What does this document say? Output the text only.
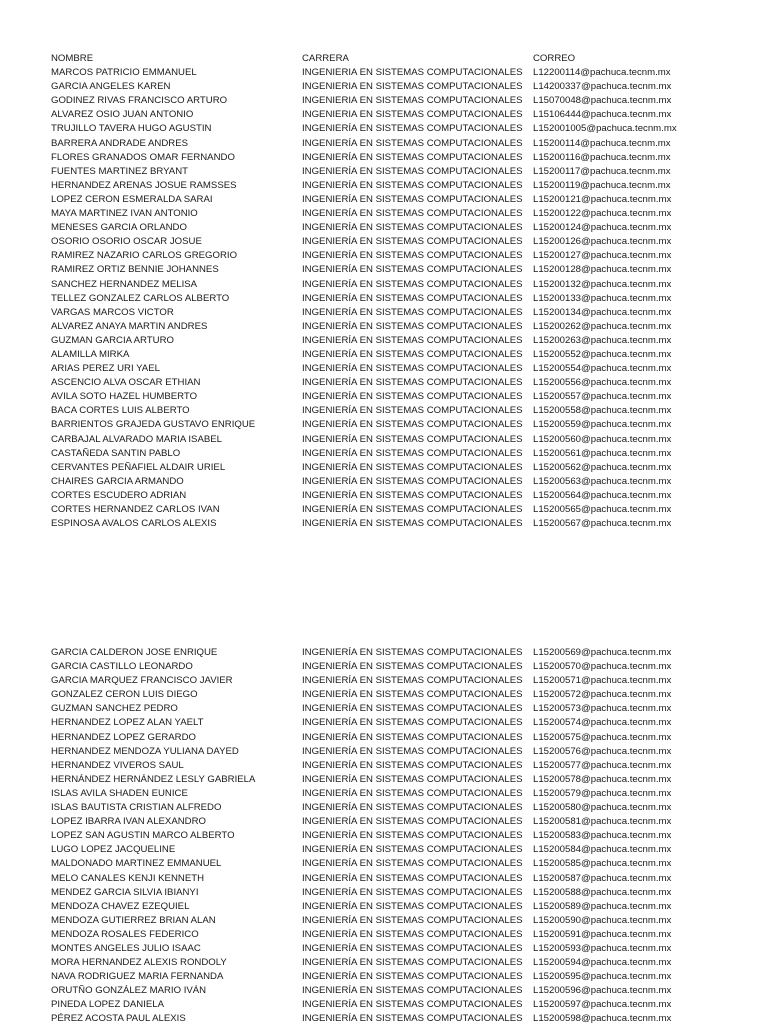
NOMBRE	CARRERA	CORREO
MARCOS PATRICIO EMMANUEL	INGENIERIA EN SISTEMAS COMPUTACIONALES L12200114@pachuca.tecnm.mx
GARCIA ANGELES KAREN	INGENIERIA EN SISTEMAS COMPUTACIONALES L14200337@pachuca.tecnm.mx
GODINEZ RIVAS FRANCISCO ARTURO	INGENIERIA EN SISTEMAS COMPUTACIONALES L15070048@pachuca.tecnm.mx
ALVAREZ OSIO JUAN ANTONIO	INGENIERIA EN SISTEMAS COMPUTACIONALES L15106444@pachuca.tecnm.mx
TRUJILLO TAVERA HUGO AGUSTIN	INGENIERÍA EN SISTEMAS COMPUTACIONALES L152001005@pachuca.tecnm.mx
BARRERA ANDRADE ANDRES	INGENIERÍA EN SISTEMAS COMPUTACIONALES L15200114@pachuca.tecnm.mx
FLORES GRANADOS OMAR FERNANDO	INGENIERÍA EN SISTEMAS COMPUTACIONALES L15200116@pachuca.tecnm.mx
FUENTES MARTINEZ BRYANT	INGENIERÍA EN SISTEMAS COMPUTACIONALES L15200117@pachuca.tecnm.mx
HERNANDEZ ARENAS JOSUE RAMSSES	INGENIERÍA EN SISTEMAS COMPUTACIONALES L15200119@pachuca.tecnm.mx
LOPEZ CERON ESMERALDA SARAI	INGENIERÍA EN SISTEMAS COMPUTACIONALES L15200121@pachuca.tecnm.mx
MAYA MARTINEZ IVAN ANTONIO	INGENIERÍA EN SISTEMAS COMPUTACIONALES L15200122@pachuca.tecnm.mx
MENESES GARCIA ORLANDO	INGENIERÍA EN SISTEMAS COMPUTACIONALES L15200124@pachuca.tecnm.mx
OSORIO OSORIO OSCAR JOSUE	INGENIERÍA EN SISTEMAS COMPUTACIONALES L15200126@pachuca.tecnm.mx
RAMIREZ NAZARIO CARLOS GREGORIO	INGENIERÍA EN SISTEMAS COMPUTACIONALES L15200127@pachuca.tecnm.mx
RAMIREZ ORTIZ BENNIE JOHANNES	INGENIERÍA EN SISTEMAS COMPUTACIONALES L15200128@pachuca.tecnm.mx
SANCHEZ HERNANDEZ MELISA	INGENIERÍA EN SISTEMAS COMPUTACIONALES L15200132@pachuca.tecnm.mx
TELLEZ GONZALEZ CARLOS ALBERTO	INGENIERÍA EN SISTEMAS COMPUTACIONALES L15200133@pachuca.tecnm.mx
VARGAS MARCOS VICTOR	INGENIERÍA EN SISTEMAS COMPUTACIONALES L15200134@pachuca.tecnm.mx
ALVAREZ ANAYA MARTIN ANDRES	INGENIERÍA EN SISTEMAS COMPUTACIONALES L15200262@pachuca.tecnm.mx
GUZMAN GARCIA ARTURO	INGENIERÍA EN SISTEMAS COMPUTACIONALES L15200263@pachuca.tecnm.mx
ALAMILLA MIRKA	INGENIERÍA EN SISTEMAS COMPUTACIONALES L15200552@pachuca.tecnm.mx
ARIAS PEREZ URI YAEL	INGENIERÍA EN SISTEMAS COMPUTACIONALES L15200554@pachuca.tecnm.mx
ASCENCIO ALVA OSCAR ETHIAN	INGENIERÍA EN SISTEMAS COMPUTACIONALES L15200556@pachuca.tecnm.mx
AVILA SOTO HAZEL HUMBERTO	INGENIERÍA EN SISTEMAS COMPUTACIONALES L15200557@pachuca.tecnm.mx
BACA CORTES LUIS ALBERTO	INGENIERÍA EN SISTEMAS COMPUTACIONALES L15200558@pachuca.tecnm.mx
BARRIENTOS GRAJEDA GUSTAVO ENRIQUE	INGENIERÍA EN SISTEMAS COMPUTACIONALES L15200559@pachuca.tecnm.mx
CARBAJAL ALVARADO MARIA ISABEL	INGENIERÍA EN SISTEMAS COMPUTACIONALES L15200560@pachuca.tecnm.mx
CASTAÑEDA SANTIN PABLO	INGENIERÍA EN SISTEMAS COMPUTACIONALES L15200561@pachuca.tecnm.mx
CERVANTES PEÑAFIEL ALDAIR URIEL	INGENIERÍA EN SISTEMAS COMPUTACIONALES L15200562@pachuca.tecnm.mx
CHAIRES GARCIA ARMANDO	INGENIERÍA EN SISTEMAS COMPUTACIONALES L15200563@pachuca.tecnm.mx
CORTES ESCUDERO ADRIAN	INGENIERÍA EN SISTEMAS COMPUTACIONALES L15200564@pachuca.tecnm.mx
CORTES HERNANDEZ CARLOS IVAN	INGENIERÍA EN SISTEMAS COMPUTACIONALES L15200565@pachuca.tecnm.mx
ESPINOSA AVALOS CARLOS ALEXIS	INGENIERÍA EN SISTEMAS COMPUTACIONALES L15200567@pachuca.tecnm.mx
GARCIA CALDERON JOSE ENRIQUE	INGENIERÍA EN SISTEMAS COMPUTACIONALES L15200569@pachuca.tecnm.mx
GARCIA CASTILLO LEONARDO	INGENIERÍA EN SISTEMAS COMPUTACIONALES L15200570@pachuca.tecnm.mx
GARCIA MARQUEZ FRANCISCO JAVIER	INGENIERÍA EN SISTEMAS COMPUTACIONALES L15200571@pachuca.tecnm.mx
GONZALEZ CERON LUIS DIEGO	INGENIERÍA EN SISTEMAS COMPUTACIONALES L15200572@pachuca.tecnm.mx
GUZMAN SANCHEZ PEDRO	INGENIERÍA EN SISTEMAS COMPUTACIONALES L15200573@pachuca.tecnm.mx
HERNANDEZ LOPEZ ALAN YAELT	INGENIERÍA EN SISTEMAS COMPUTACIONALES L15200574@pachuca.tecnm.mx
HERNANDEZ LOPEZ GERARDO	INGENIERÍA EN SISTEMAS COMPUTACIONALES L15200575@pachuca.tecnm.mx
HERNANDEZ MENDOZA YULIANA DAYED	INGENIERÍA EN SISTEMAS COMPUTACIONALES L15200576@pachuca.tecnm.mx
HERNANDEZ VIVEROS SAUL	INGENIERÍA EN SISTEMAS COMPUTACIONALES L15200577@pachuca.tecnm.mx
HERNÁNDEZ HERNÁNDEZ LESLY GABRIELA	INGENIERÍA EN SISTEMAS COMPUTACIONALES L15200578@pachuca.tecnm.mx
ISLAS AVILA SHADEN EUNICE	INGENIERÍA EN SISTEMAS COMPUTACIONALES L15200579@pachuca.tecnm.mx
ISLAS BAUTISTA CRISTIAN ALFREDO	INGENIERÍA EN SISTEMAS COMPUTACIONALES L15200580@pachuca.tecnm.mx
LOPEZ IBARRA IVAN ALEXANDRO	INGENIERÍA EN SISTEMAS COMPUTACIONALES L15200581@pachuca.tecnm.mx
LOPEZ SAN AGUSTIN MARCO ALBERTO	INGENIERÍA EN SISTEMAS COMPUTACIONALES L15200583@pachuca.tecnm.mx
LUGO LOPEZ JACQUELINE	INGENIERÍA EN SISTEMAS COMPUTACIONALES L15200584@pachuca.tecnm.mx
MALDONADO MARTINEZ EMMANUEL	INGENIERÍA EN SISTEMAS COMPUTACIONALES L15200585@pachuca.tecnm.mx
MELO CANALES KENJI KENNETH	INGENIERÍA EN SISTEMAS COMPUTACIONALES L15200587@pachuca.tecnm.mx
MENDEZ GARCIA SILVIA IBIANYI	INGENIERÍA EN SISTEMAS COMPUTACIONALES L15200588@pachuca.tecnm.mx
MENDOZA CHAVEZ EZEQUIEL	INGENIERÍA EN SISTEMAS COMPUTACIONALES L15200589@pachuca.tecnm.mx
MENDOZA GUTIERREZ BRIAN ALAN	INGENIERÍA EN SISTEMAS COMPUTACIONALES L15200590@pachuca.tecnm.mx
MENDOZA ROSALES FEDERICO	INGENIERÍA EN SISTEMAS COMPUTACIONALES L15200591@pachuca.tecnm.mx
MONTES ANGELES JULIO ISAAC	INGENIERÍA EN SISTEMAS COMPUTACIONALES L15200593@pachuca.tecnm.mx
MORA HERNANDEZ ALEXIS RONDOLY	INGENIERÍA EN SISTEMAS COMPUTACIONALES L15200594@pachuca.tecnm.mx
NAVA RODRIGUEZ MARIA FERNANDA	INGENIERÍA EN SISTEMAS COMPUTACIONALES L15200595@pachuca.tecnm.mx
ORUTÑO GONZÁLEZ MARIO IVÁN	INGENIERÍA EN SISTEMAS COMPUTACIONALES L15200596@pachuca.tecnm.mx
PINEDA LOPEZ DANIELA	INGENIERÍA EN SISTEMAS COMPUTACIONALES L15200597@pachuca.tecnm.mx
PÉREZ ACOSTA PAUL ALEXIS	INGENIERÍA EN SISTEMAS COMPUTACIONALES L15200598@pachuca.tecnm.mx
